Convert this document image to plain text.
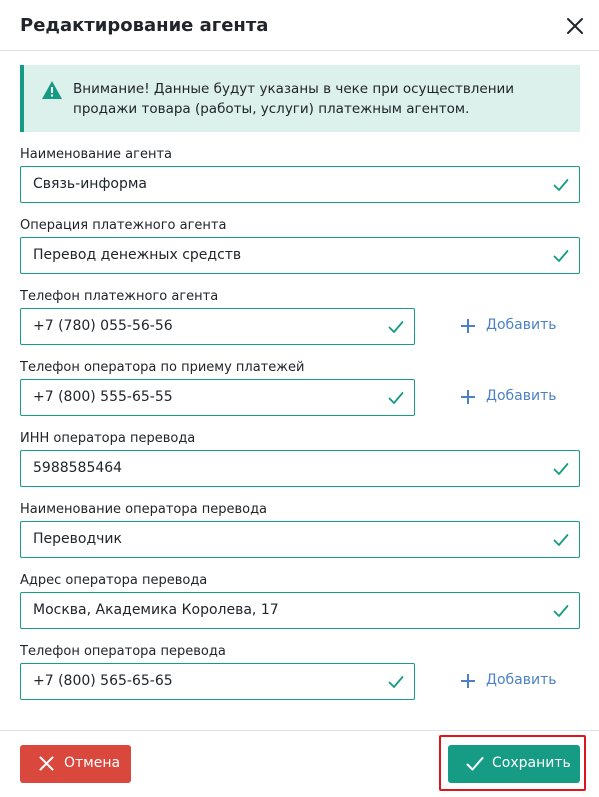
Редактирование агента
Внимание! Данные будут указаны в чеке при осуществлении
продажи товара (работы, услуги) платежным агентом.
Наименование агента
Связь-информа
Операция платежного агента
Перевод денежных средств
Телефон платежного агента
+7 (780) 055-56-56	Добавить
Телефон оператора по приему платежей
+7 (800) 555-65-55	Добавить
ИНН оператора перевода
5988585464
Наименование оператора перевода
Переводчик
Адрес оператора перевода
Москва, Академика Королева, 17
Телефон оператора перевода
+7 (800) 565-65-65	Добавить
Отмена	Сохранить
